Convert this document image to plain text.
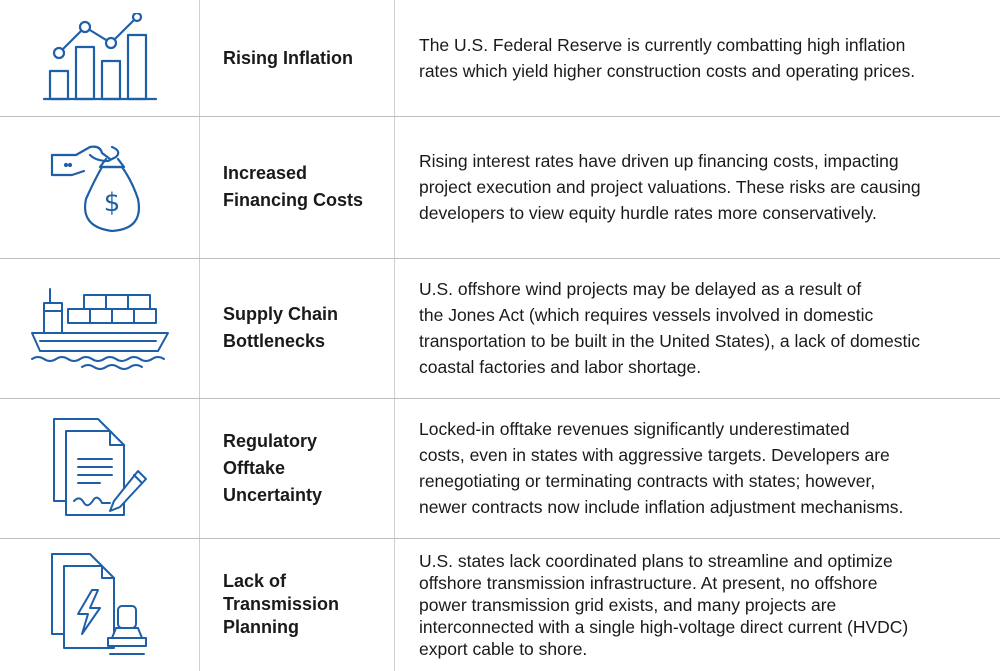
Rising Inflation
The U.S. Federal Reserve is currently combatting high inflation
rates which yield higher construction costs and operating prices.
$
Increased
Financing Costs
Rising interest rates have driven up financing costs, impacting
project execution and project valuations. These risks are causing
developers to view equity hurdle rates more conservatively.
Supply Chain
Bottlenecks
U.S. offshore wind projects may be delayed as a result of
the Jones Act (which requires vessels involved in domestic
transportation to be built in the United States), a lack of domestic
coastal factories and labor shortage.
Regulatory
Offtake
Uncertainty
Locked-in offtake revenues significantly underestimated
costs, even in states with aggressive targets. Developers are
renegotiating or terminating contracts with states; however,
newer contracts now include inflation adjustment mechanisms.
Lack of
Transmission
Planning
U.S. states lack coordinated plans to streamline and optimize
offshore transmission infrastructure. At present, no offshore
power transmission grid exists, and many projects are
interconnected with a single high-voltage direct current (HVDC)
export cable to shore.
